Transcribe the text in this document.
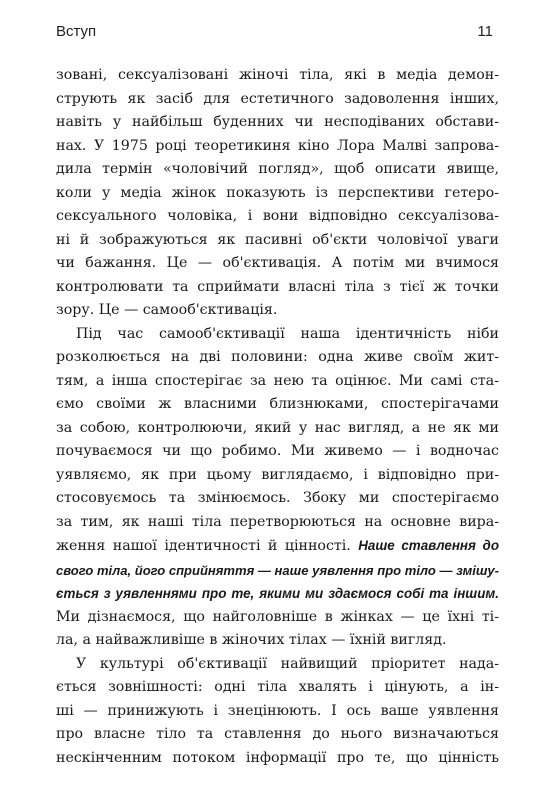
Вступ	11
зовані, сексуалізовані жіночі тіла, які в медіа демон-
струють як засіб для естетичного задоволення інших,
навіть у найбільш буденних чи несподіваних обстави-
нах. У 1975 році теоретикиня кіно Лора Малві запрова-
дила термін «чоловічий погляд», щоб описати явище,
коли у медіа жінок показують із перспективи гетеро-
сексуального чоловіка, і вони відповідно сексуалізова-
ні й зображуються як пасивні об'єкти чоловічої уваги
чи бажання. Це — об'єктивація. А потім ми вчимося
контролювати та сприймати власні тіла з тієї ж точки
зору. Це — самооб'єктивація.
Під час самооб'єктивації наша ідентичність ніби
розколюється на дві половини: одна живе своїм жит-
тям, а інша спостерігає за нею та оцінює. Ми самі ста-
ємо своїми ж власними близнюками, спостерігачами
за собою, контролюючи, який у нас вигляд, а не як ми
почуваємося чи що робимо. Ми живемо — і водночас
уявляємо, як при цьому виглядаємо, і відповідно при-
стосовуємось та змінюємось. Збоку ми спостерігаємо
за тим, як наші тіла перетворюються на основне вира-
ження нашої ідентичності й цінності. Наше ставлення до
свого тіла, його сприйняття — наше уявлення про тіло — змішу-
ється з уявленнями про те, якими ми здаємося собі та іншим.
Ми дізнаємося, що найголовніше в жінках — це їхні ті-
ла, а найважливіше в жіночих тілах — їхній вигляд.
У культурі об'єктивації найвищий пріоритет нада-
ється зовнішності: одні тіла хвалять і цінують, а ін-
ші — принижують і знецінюють. І ось ваше уявлення
про власне тіло та ставлення до нього визначаються
нескінченним потоком інформації про те, що цінність
